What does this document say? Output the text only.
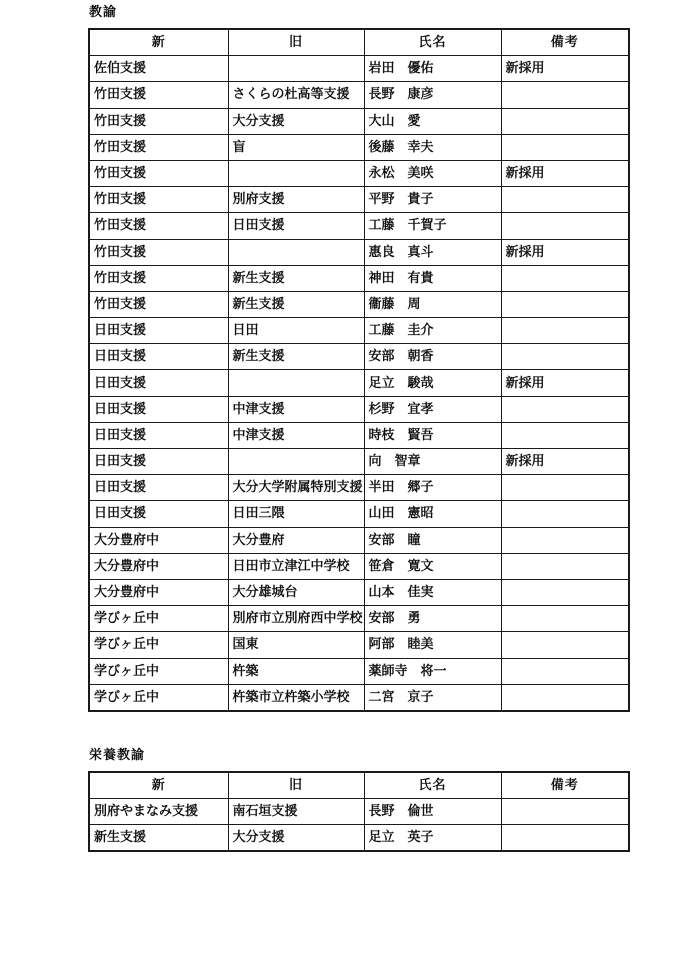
教諭
新	旧	氏名	備考
佐伯支援		岩田　優佑	新採用
竹田支援	さくらの杜高等支援	長野　康彦	
竹田支援	大分支援	大山　愛	
竹田支援	盲	後藤　幸夫	
竹田支援		永松　美咲	新採用
竹田支援	別府支援	平野　貴子	
竹田支援	日田支援	工藤　千賀子	
竹田支援		惠良　真斗	新採用
竹田支援	新生支援	神田　有貴	
竹田支援	新生支援	衞藤　周	
日田支援	日田	工藤　圭介	
日田支援	新生支援	安部　朝香	
日田支援		足立　駿哉	新採用
日田支援	中津支援	杉野　宜孝	
日田支援	中津支援	時枝　賢吾	
日田支援		向　智章	新採用
日田支援	大分大学附属特別支援	半田　郷子	
日田支援	日田三隈	山田　憲昭	
大分豊府中	大分豊府	安部　瞳	
大分豊府中	日田市立津江中学校	笹倉　寛文	
大分豊府中	大分雄城台	山本　佳実	
学びヶ丘中	別府市立別府西中学校	安部　勇	
学びヶ丘中	国東	阿部　睦美	
学びヶ丘中	杵築	薬師寺　将一	
学びヶ丘中	杵築市立杵築小学校	二宮　京子	
栄養教諭
新	旧	氏名	備考
別府やまなみ支援	南石垣支援	長野　倫世	
新生支援	大分支援	足立　英子	
